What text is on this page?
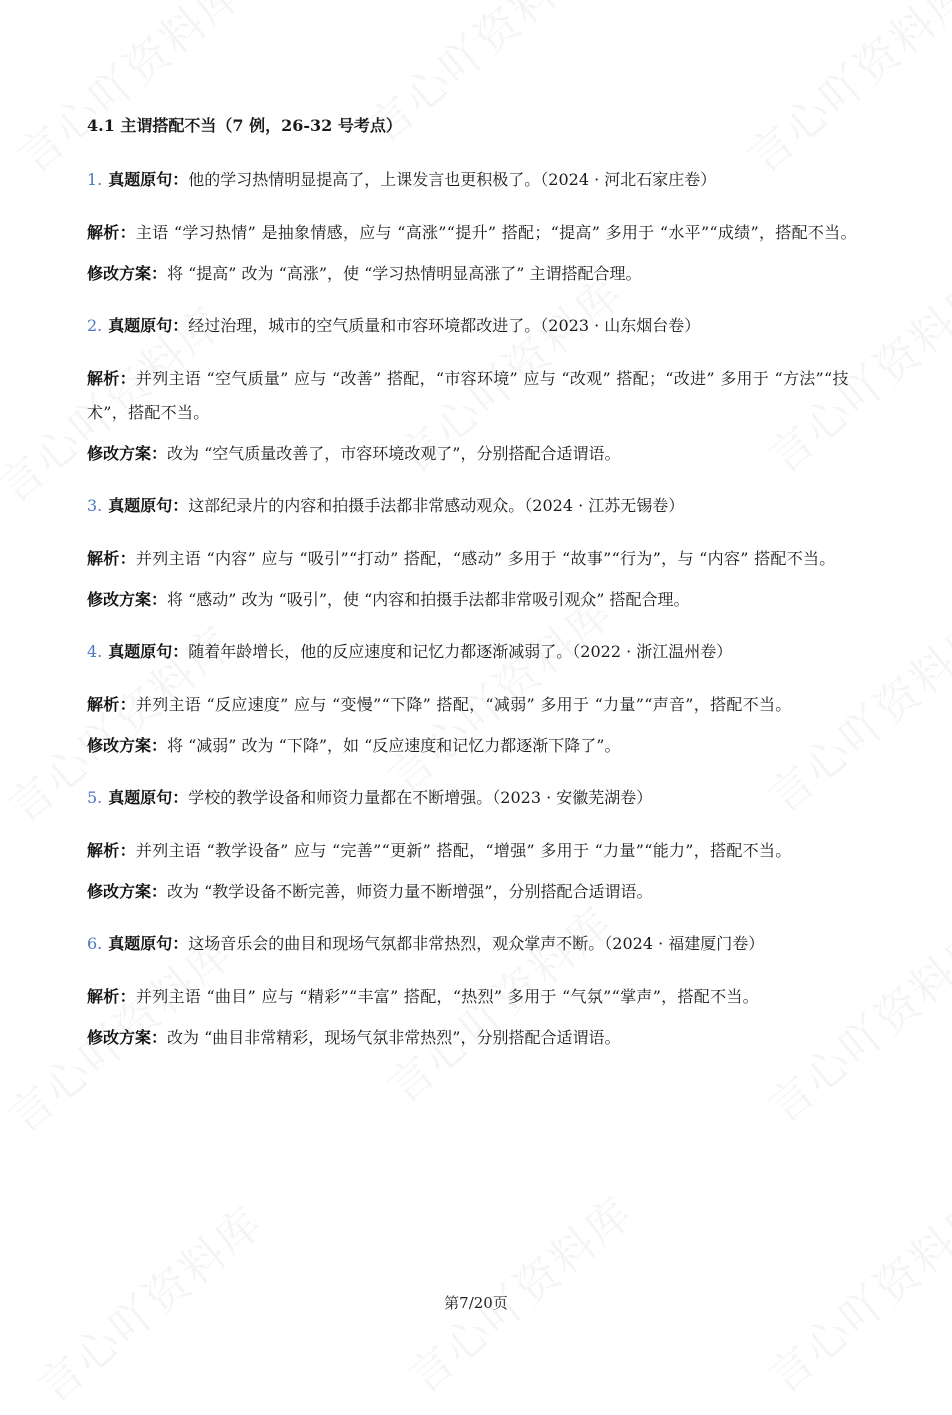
4.1 主谓搭配不当（7 例，26-32 号考点）
1. 真题原句：他的学习热情明显提高了，上课发言也更积极了。（2024 · 河北石家庄卷）
解析：主语 “学习热情” 是抽象情感，应与 “高涨”“提升” 搭配；“提高” 多用于 “水平”“成绩”，搭配不当。
修改方案：将 “提高” 改为 “高涨”，使 “学习热情明显高涨了” 主谓搭配合理。
2. 真题原句：经过治理，城市的空气质量和市容环境都改进了。（2023 · 山东烟台卷）
解析：并列主语 “空气质量” 应与 “改善” 搭配，“市容环境” 应与 “改观” 搭配；“改进” 多用于 “方法”“技术”，搭配不当。
修改方案：改为 “空气质量改善了，市容环境改观了”，分别搭配合适谓语。
3. 真题原句：这部纪录片的内容和拍摄手法都非常感动观众。（2024 · 江苏无锡卷）
解析：并列主语 “内容” 应与 “吸引”“打动” 搭配，“感动” 多用于 “故事”“行为”，与 “内容” 搭配不当。
修改方案：将 “感动” 改为 “吸引”，使 “内容和拍摄手法都非常吸引观众” 搭配合理。
4. 真题原句：随着年龄增长，他的反应速度和记忆力都逐渐减弱了。（2022 · 浙江温州卷）
解析：并列主语 “反应速度” 应与 “变慢”“下降” 搭配，“减弱” 多用于 “力量”“声音”，搭配不当。
修改方案：将 “减弱” 改为 “下降”，如 “反应速度和记忆力都逐渐下降了”。
5. 真题原句：学校的教学设备和师资力量都在不断增强。（2023 · 安徽芜湖卷）
解析：并列主语 “教学设备” 应与 “完善”“更新” 搭配，“增强” 多用于 “力量”“能力”，搭配不当。
修改方案：改为 “教学设备不断完善，师资力量不断增强”，分别搭配合适谓语。
6. 真题原句：这场音乐会的曲目和现场气氛都非常热烈，观众掌声不断。（2024 · 福建厦门卷）
解析：并列主语 “曲目” 应与 “精彩”“丰富” 搭配，“热烈” 多用于 “气氛”“掌声”，搭配不当。
修改方案：改为 “曲目非常精彩，现场气氛非常热烈”，分别搭配合适谓语。
第7/20页
